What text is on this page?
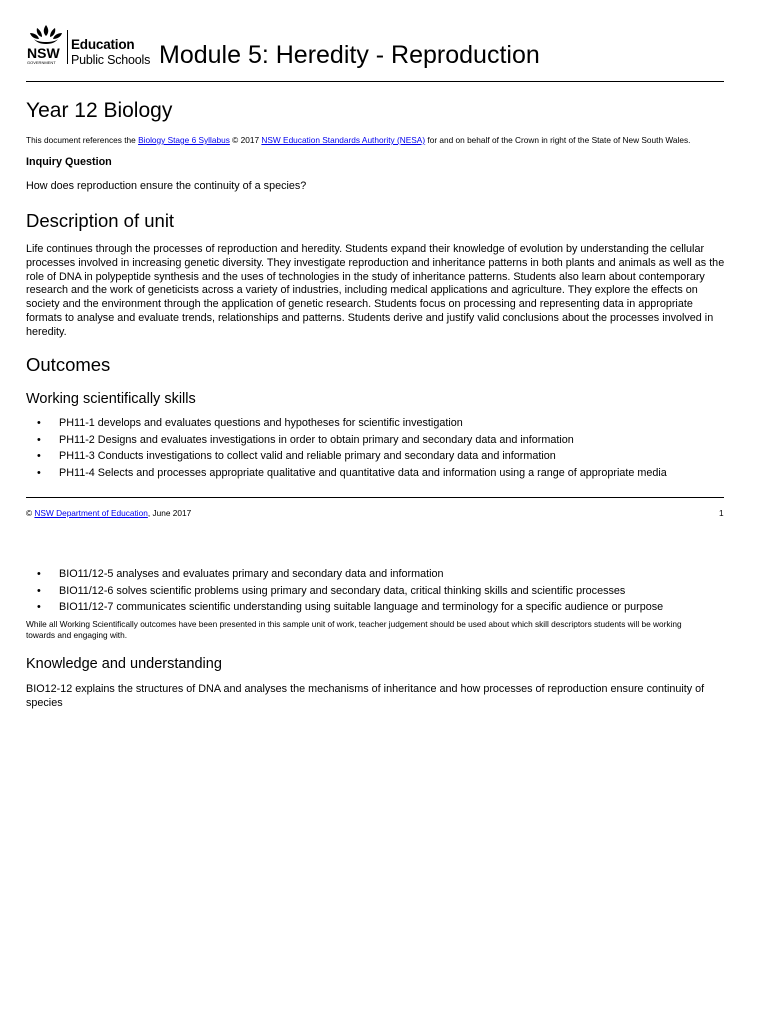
NSW
GOVERNMENT
Education
Public Schools Module 5: Heredity - Reproduction
Year 12 Biology
This document references the Biology Stage 6 Syllabus © 2017 NSW Education Standards Authority (NESA) for and on behalf of the Crown in right of the State of New South Wales.
Inquiry Question
How does reproduction ensure the continuity of a species?
Description of unit
Life continues through the processes of reproduction and heredity. Students expand their knowledge of evolution by understanding the cellular processes involved in increasing genetic diversity. They investigate reproduction and inheritance patterns in both plants and animals as well as the role of DNA in polypeptide synthesis and the uses of technologies in the study of inheritance patterns. Students also learn about contemporary research and the work of geneticists across a variety of industries, including medical applications and agriculture. They explore the effects on society and the environment through the application of genetic research. Students focus on processing and representing data in appropriate formats to analyse and evaluate trends, relationships and patterns. Students derive and justify valid conclusions about the processes involved in heredity.
Outcomes
Working scientifically skills
• PH11-1 develops and evaluates questions and hypotheses for scientific investigation
• PH11-2 Designs and evaluates investigations in order to obtain primary and secondary data and information
• PH11-3 Conducts investigations to collect valid and reliable primary and secondary data and information
• PH11-4 Selects and processes appropriate qualitative and quantitative data and information using a range of appropriate media
© NSW Department of Education, June 2017	1
• BIO11/12-5 analyses and evaluates primary and secondary data and information
• BIO11/12-6 solves scientific problems using primary and secondary data, critical thinking skills and scientific processes
• BIO11/12-7 communicates scientific understanding using suitable language and terminology for a specific audience or purpose
While all Working Scientifically outcomes have been presented in this sample unit of work, teacher judgement should be used about which skill descriptors students will be working towards and engaging with.
Knowledge and understanding
BIO12-12 explains the structures of DNA and analyses the mechanisms of inheritance and how processes of reproduction ensure continuity of species
